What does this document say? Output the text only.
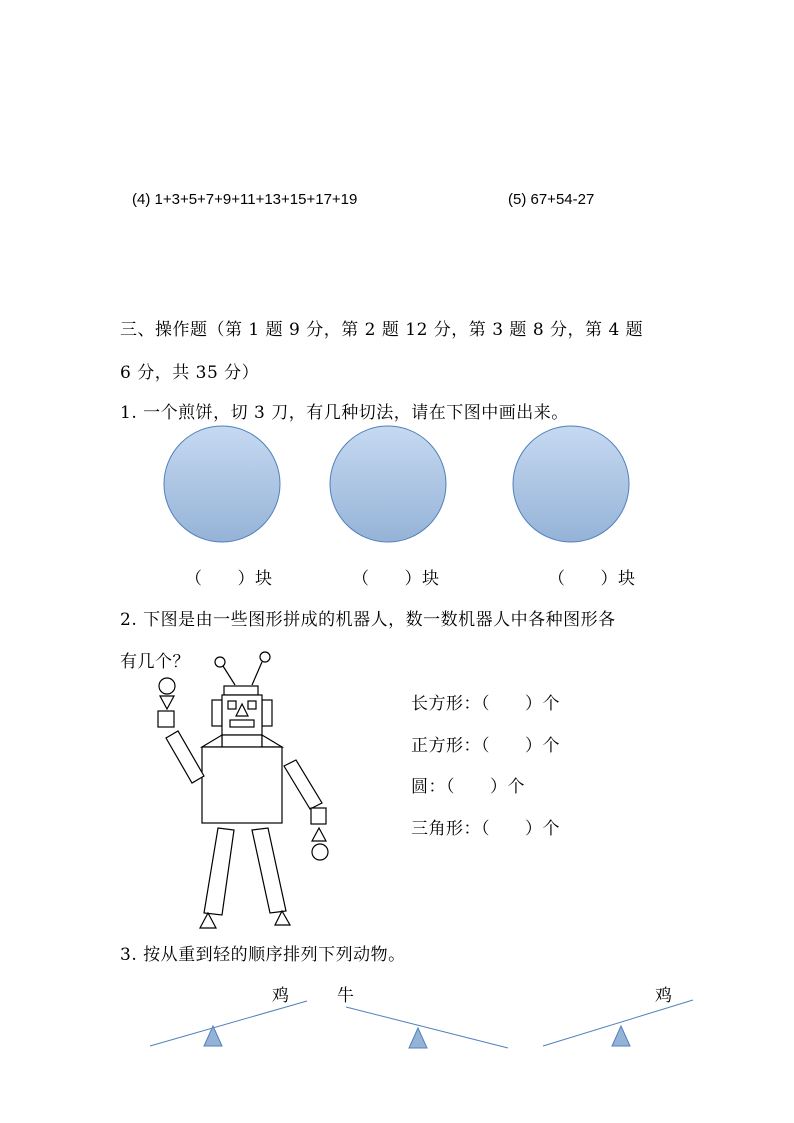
(4) 1+3+5+7+9+11+13+15+17+19	(5) 67+54-27
三、操作题（第 1 题 9 分，第 2 题 12 分，第 3 题 8 分，第 4 题
6 分，共 35 分）
1. 一个煎饼，切 3 刀，有几种切法，请在下图中画出来。
（　　）块	（　　）块	（　　）块
2. 下图是由一些图形拼成的机器人，数一数机器人中各种图形各
有几个？
长方形：（　　）个
正方形：（　　）个
圆：（　　）个
三角形：（　　）个
3. 按从重到轻的顺序排列下列动物。
鸡	牛	鸡
